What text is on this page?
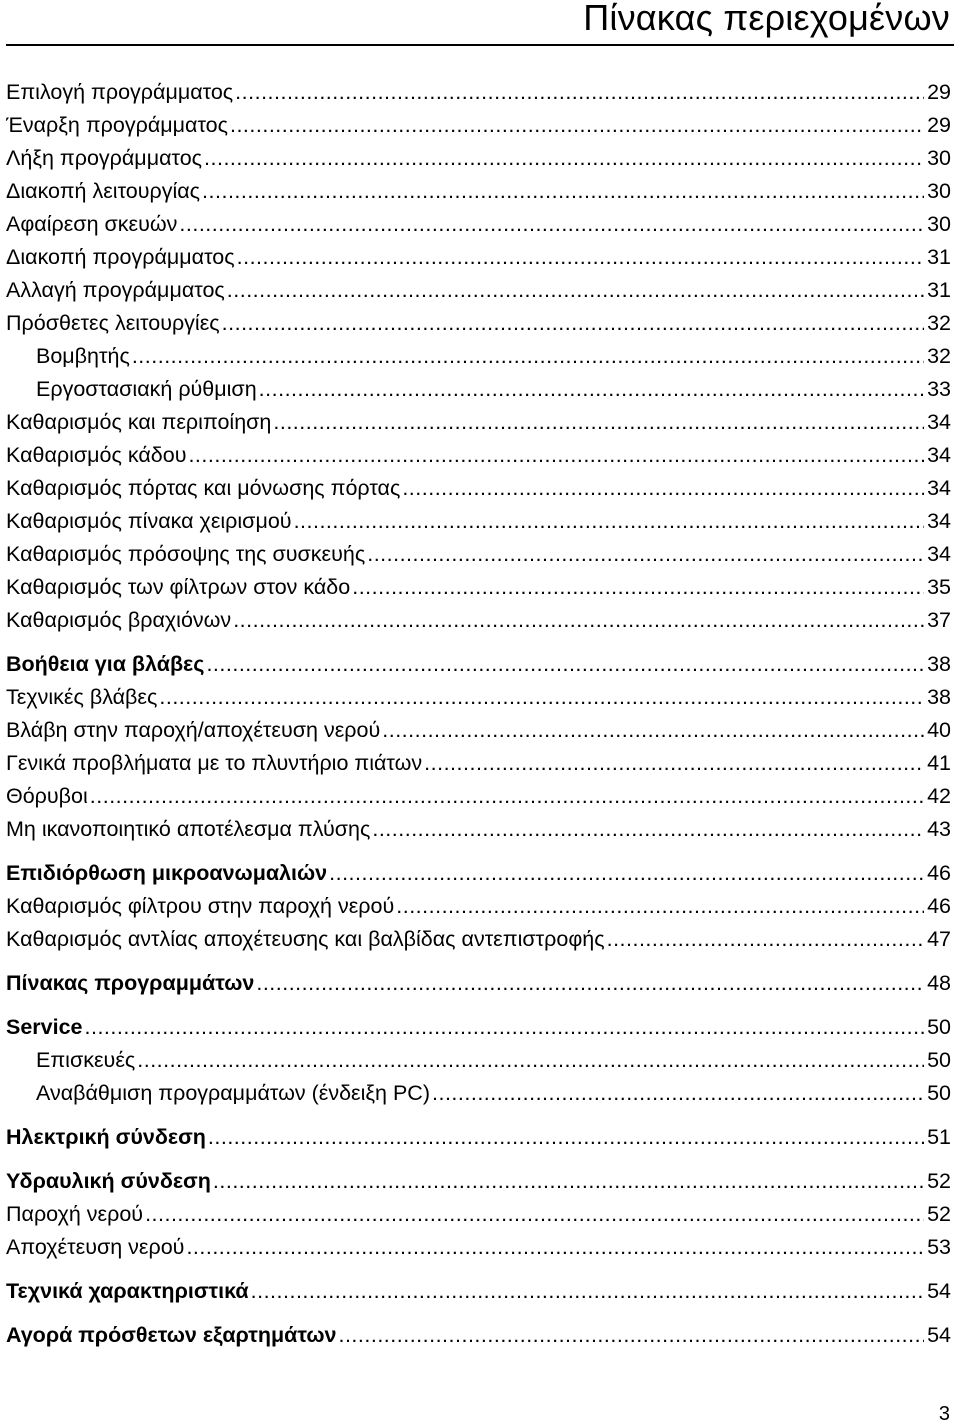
Πίνακας περιεχομένων
Επιλογή προγράμματος .....	29
Έναρξη προγράμματος .....	29
Λήξη προγράμματος .....	30
Διακοπή λειτουργίας .....	30
Αφαίρεση σκευών .....	30
Διακοπή προγράμματος .....	31
Αλλαγή προγράμματος .....	31
Πρόσθετες λειτουργίες .....	32
Βομβητής .....	32
Εργοστασιακή ρύθμιση .....	33
Καθαρισμός και περιποίηση .....	34
Καθαρισμός κάδου .....	34
Καθαρισμός πόρτας και μόνωσης πόρτας .....	34
Καθαρισμός πίνακα χειρισμού .....	34
Καθαρισμός πρόσοψης της συσκευής .....	34
Καθαρισμός των φίλτρων στον κάδο .....	35
Καθαρισμός βραχιόνων .....	37
Βοήθεια για βλάβες .....	38
Τεχνικές βλάβες .....	38
Βλάβη στην παροχή/αποχέτευση νερού .....	40
Γενικά προβλήματα με το πλυντήριο πιάτων .....	41
Θόρυβοι .....	42
Μη ικανοποιητικό αποτέλεσμα πλύσης .....	43
Επιδιόρθωση μικροανωμαλιών .....	46
Καθαρισμός φίλτρου στην παροχή νερού .....	46
Καθαρισμός αντλίας αποχέτευσης και βαλβίδας αντεπιστροφής .....	47
Πίνακας προγραμμάτων .....	48
Service .....	50
Επισκευές .....	50
Αναβάθμιση προγραμμάτων (ένδειξη PC) .....	50
Ηλεκτρική σύνδεση .....	51
Υδραυλική σύνδεση .....	52
Παροχή νερού .....	52
Αποχέτευση νερού .....	53
Τεχνικά χαρακτηριστικά .....	54
Αγορά πρόσθετων εξαρτημάτων .....	54
3
